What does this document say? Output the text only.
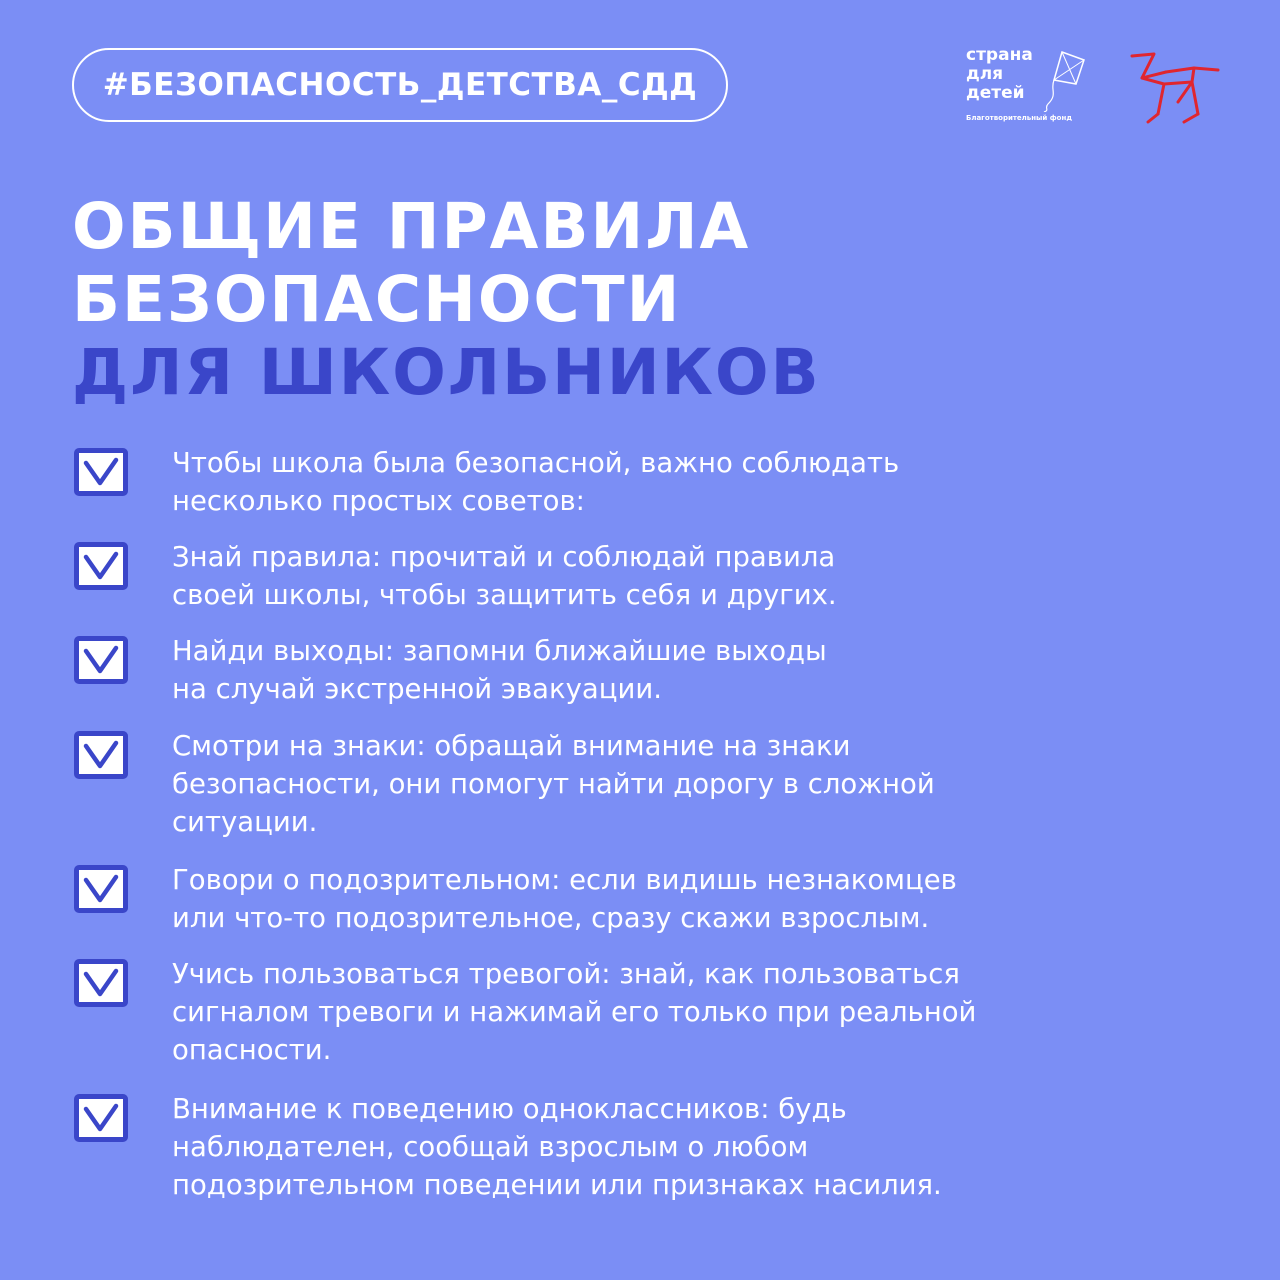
#БЕЗОПАСНОСТЬ_ДЕТСТВА_СДД
страна
для
детей
Благотворительный фонд
ОБЩИЕ ПРАВИЛА
БЕЗОПАСНОСТИ
ДЛЯ ШКОЛЬНИКОВ
Чтобы школа была безопасной, важно соблюдать
несколько простых советов:
Знай правила: прочитай и соблюдай правила
своей школы, чтобы защитить себя и других.
Найди выходы: запомни ближайшие выходы
на случай экстренной эвакуации.
Смотри на знаки: обращай внимание на знаки
безопасности, они помогут найти дорогу в сложной
ситуации.
Говори о подозрительном: если видишь незнакомцев
или что-то подозрительное, сразу скажи взрослым.
Учись пользоваться тревогой: знай, как пользоваться
сигналом тревоги и нажимай его только при реальной
опасности.
Внимание к поведению одноклассников: будь
наблюдателен, сообщай взрослым о любом
подозрительном поведении или признаках насилия.
